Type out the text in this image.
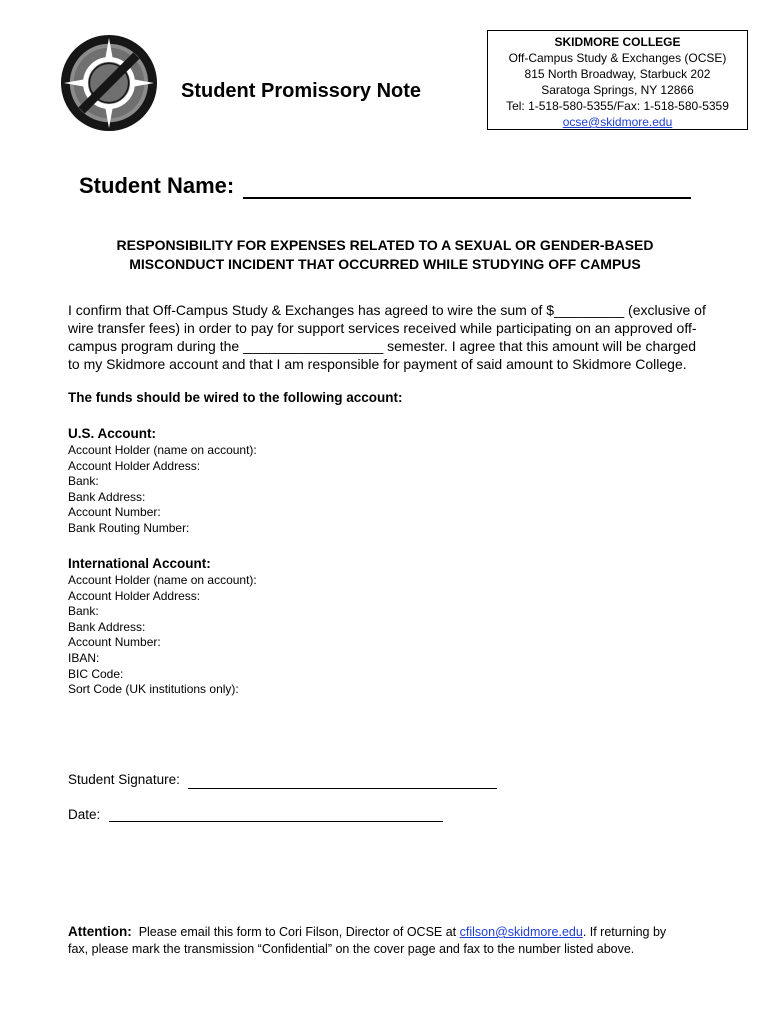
Student Promissory Note
SKIDMORE COLLEGE
Off-Campus Study & Exchanges (OCSE)
815 North Broadway, Starbuck 202
Saratoga Springs, NY 12866
Tel: 1-518-580-5355/Fax: 1-518-580-5359
ocse@skidmore.edu
Student Name:
RESPONSIBILITY FOR EXPENSES RELATED TO A SEXUAL OR GENDER-BASED
MISCONDUCT INCIDENT THAT OCCURRED WHILE STUDYING OFF CAMPUS
I confirm that Off-Campus Study & Exchanges has agreed to wire the sum of $_________ (exclusive of
wire transfer fees) in order to pay for support services received while participating on an approved off-
campus program during the __________________ semester. I agree that this amount will be charged
to my Skidmore account and that I am responsible for payment of said amount to Skidmore College.
The funds should be wired to the following account:
U.S. Account:
Account Holder (name on account):
Account Holder Address:
Bank:
Bank Address:
Account Number:
Bank Routing Number:
International Account:
Account Holder (name on account):
Account Holder Address:
Bank:
Bank Address:
Account Number:
IBAN:
BIC Code:
Sort Code (UK institutions only):
Student Signature:
Date:
Attention: Please email this form to Cori Filson, Director of OCSE at cfilson@skidmore.edu. If returning by
fax, please mark the transmission “Confidential” on the cover page and fax to the number listed above.
